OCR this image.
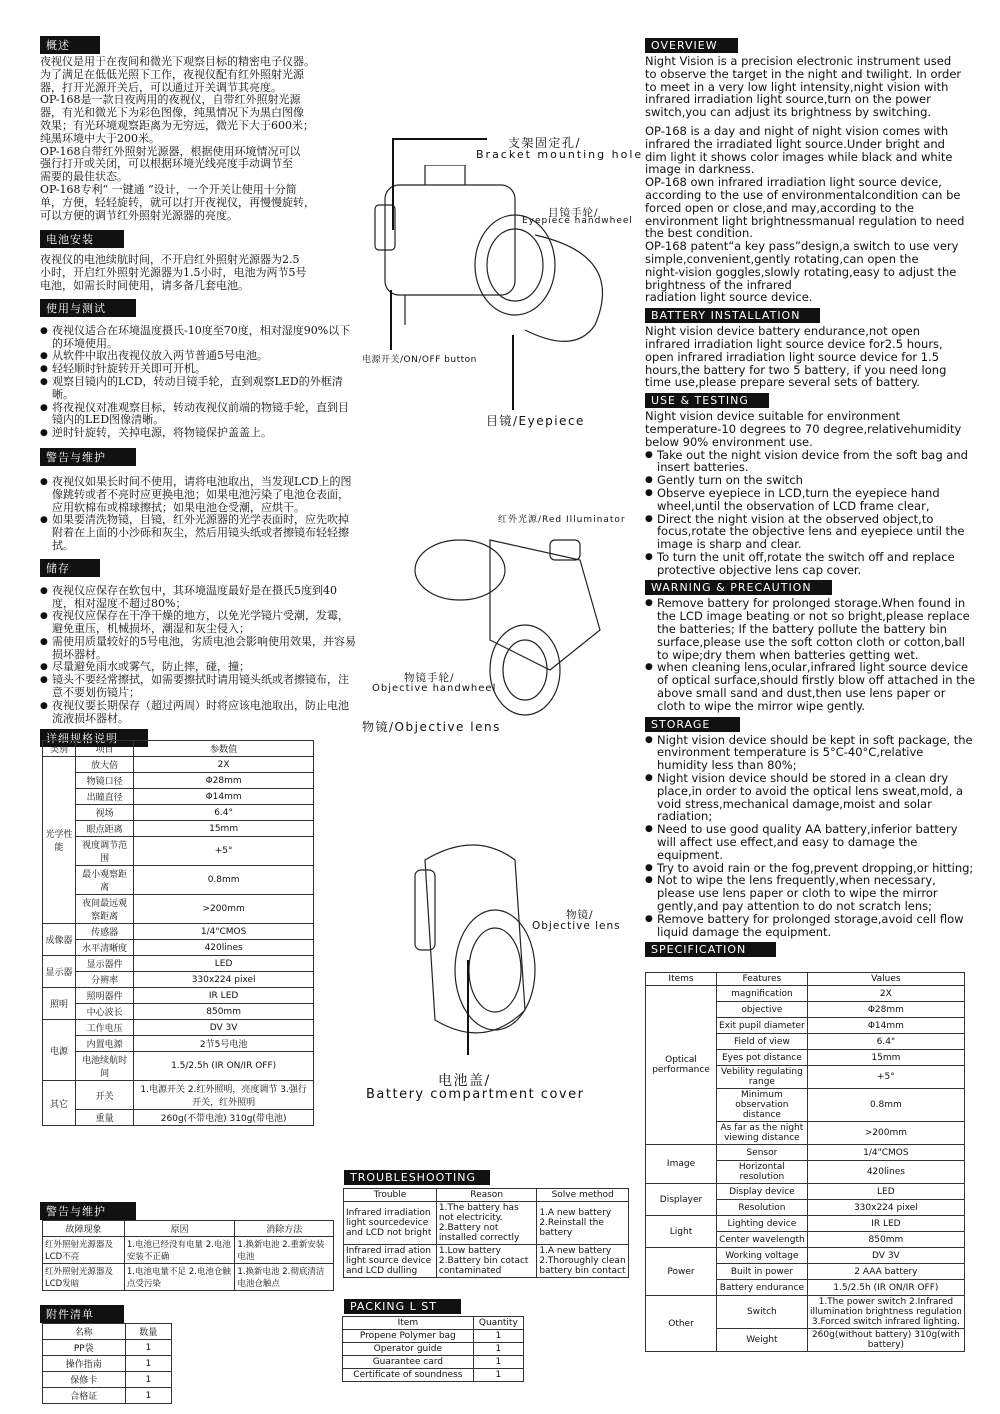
概述
夜视仪是用于在夜间和微光下观察目标的精密电子仪器。
为了满足在低低光照下工作，夜视仪配有红外照射光源
器，打开光源开关后，可以通过开关调节其亮度。
OP-168是一款日夜两用的夜视仪，自带红外照射光源
器，有光和微光下为彩色图像，纯黑情况下为黑白图像
效果；有光环境观察距离为无穷远，微光下大于600米；
纯黑环境中大于200米。
OP-168自带红外照射光源器，根据使用环境情况可以
强行打开或关闭，可以根据环境光线亮度手动调节至
需要的最佳状态。
OP-168专利“ 一键通 ”设计，一个开关让使用十分简
单，方便，轻轻旋转，就可以打开夜视仪，再慢慢旋转，
可以方便的调节红外照射光源器的亮度。
电池安装
夜视仪的电池续航时间，不开启红外照射光源器为2.5
小时，开启红外照射光源器为1.5小时，电池为两节5号
电池，如需长时间使用，请多备几套电池。
使用与测试
● 夜视仪适合在环境温度摄氏-10度至70度，相对湿度90%以下的环境使用。
● 从软件中取出夜视仪放入两节普通5号电池。
● 轻轻顺时针旋转开关即可开机。
● 观察目镜内的LCD，转动目镜手轮，直到观察LED的外框清晰。
● 将夜视仪对准观察目标，转动夜视仪前端的物镜手轮，直到目镜内的LED图像清晰。
● 逆时针旋转，关掉电源，将物镜保护盖盖上。
警告与维护
● 夜视仪如果长时间不使用，请将电池取出，当发现LCD上的图像跳转或者不亮时应更换电池；如果电池污染了电池仓表面，应用软棉布或棉球擦拭；如果电池仓受潮，应烘干。
● 如果要清洗物镜，目镜，红外光源器的光学表面时，应先吹掉附着在上面的小沙砾和灰尘，然后用镜头纸或者擦镜布轻轻擦拭。
储存
● 夜视仪应保存在软包中，其环境温度最好是在摄氏5度到40度，相对湿度不超过80%；
● 夜视仪应保存在干净干燥的地方，以免光学镜片受潮，发霉，避免重压，机械损坏，潮湿和灰尘侵入；
● 需使用质量较好的5号电池，劣质电池会影响使用效果，并容易损坏器材。
● 尽量避免雨水或雾气，防止摔，碰，撞；
● 镜头不要经常擦拭，如需要擦拭时请用镜头纸或者擦镜布，注意不要划伤镜片；
● 夜视仪要长期保存（超过两周）时将应该电池取出，防止电池流液损坏器材。
详细规格说明
类别	项目	参数值
光学性能	放大倍	2X
	物镜口径	Φ28mm
	出瞳直径	Φ14mm
	视场	6.4°
	眼点距离	15mm
	视度调节范围	+5°
	最小观察距离	0.8mm
	夜间最远观察距离	>200mm
成像器	传感器	1/4"CMOS
	水平清晰度	420lines
显示器	显示器件	LED
	分辨率	330x224 pixel
照明	照明器件	IR LED
	中心波长	850mm
电源	工作电压	DV 3V
	内置电源	2节5号电池
	电池续航时间	1.5/2.5h (IR ON/IR OFF)
其它	开关	1.电源开关 2.红外照明，亮度调节 3.强行开关，红外照明
	重量	260g(不带电池) 310g(带电池)
警告与维护
故障现象	原因	消除方法
红外照射光源器及LCD不亮	1.电池已经没有电量 2.电池安装不正确	1.换新电池 2.重新安装电池
红外照射光源器及LCD发暗	1.电池电量不足 2.电池仓触点受污染	1.换新电池 2.彻底清洁电池仓触点
附件清单
名称	数量
PP袋	1
操作指南	1
保修卡	1
合格证	1
支架固定孔/
Bracket mounting hole
目镜手轮/
Eyepiece handwheel
电源开关/ON/OFF button
目镜/Eyepiece
红外光源/Red Illuminator
物镜手轮/
Objective handwheel
物镜/Objective lens
物镜/
Objective lens
电池盖/
Battery compartment cover
TROUBLESHOOTING
Trouble	Reason	Solve method
Infrared irradiation light sourcedevice and LCD not bright	1.The battery has not electricity. 2.Battery not installed correctly	1.A new battery 2.Reinstall the battery
Infrared irrad ation light source device and LCD dulling	1.Low battery 2.Battery bin cotact contaminated	1.A new battery 2.Thoroughly clean battery bin contact
PACKING L ST
Item	Quantity
Propene Polymer bag	1
Operator guide	1
Guarantee card	1
Certificate of soundness	1
OVERVIEW
Night Vision is a precision electronic instrument used
to observe the target in the night and twilight. In order
to meet in a very low light intensity,night vision with
infrared irradiation light source,turn on the power
switch,you can adjust its brightness by switching.
OP-168 is a day and night of night vision comes with
infrared the irradiated light source.Under bright and
dim light it shows color images while black and white
image in darkness.
OP-168 own infrared irradiation light source device,
according to the use of environmentalcondition can be
forced open or close,and may,according to the
environment light brightnessmanual regulation to need
the best condition.
OP-168 patent“a key pass”design,a switch to use very
simple,convenient,gently rotating,can open the
night-vision goggles,slowly rotating,easy to adjust the
brightness of the infrared
radiation light source device.
BATTERY INSTALLATION
Night vision device battery endurance,not open
infrared irradiation light source device for2.5 hours,
open infrared irradiation light source device for 1.5
hours,the battery for two 5 battery, if you need long
time use,please prepare several sets of battery.
USE & TESTING
Night vision device suitable for environment
temperature-10 degrees to 70 degree,relativehumidity
below 90% environment use.
● Take out the night vision device from the soft bag and insert batteries.
● Gently turn on the switch
● Observe eyepiece in LCD,turn the eyepiece hand wheel,until the observation of LCD frame clear,
● Direct the night vision at the observed object,to focus,rotate the objective lens and eyepiece until the image is sharp and clear.
● To turn the unit off,rotate the switch off and replace protective objective lens cap cover.
WARNING & PRECAUTION
● Remove battery for prolonged storage.When found in the LCD image beating or not so bright,please replace the batteries; If the battery pollute the battery bin surface,please use the soft cotton cloth or cotton,ball to wipe;dry them when batteries getting wet.
● when cleaning lens,ocular,infrared light source device of optical surface,should firstly blow off attached in the above small sand and dust,then use lens paper or cloth to wipe the mirror wipe gently.
STORAGE
● Night vision device should be kept in soft package, the environment temperature is 5°C-40°C,relative humidity less than 80%;
● Night vision device should be stored in a clean dry place,in order to avoid the optical lens sweat,mold, a void stress,mechanical damage,moist and solar radiation;
● Need to use good quality AA battery,inferior battery will affect use effect,and easy to damage the equipment.
● Try to avoid rain or the fog,prevent dropping,or hitting;
● Not to wipe the lens frequently,when necessary, please use lens paper or cloth to wipe the mirror gently,and pay attention to do not scratch lens;
● Remove battery for prolonged storage,avoid cell flow liquid damage the equipment.
SPECIFICATION
Items	Features	Values
Optical performance	magnification	2X
	objective	Φ28mm
	Exit pupil diameter	Φ14mm
	Field of view	6.4"
	Eyes pot distance	15mm
	Vebility regulating range	+5°
	Minimum observation distance	0.8mm
	As far as the night viewing distance	>200mm
Image	Sensor	1/4"CMOS
	Horizontal resolution	420lines
Displayer	Display device	LED
	Resolution	330x224 pixel
Light	Lighting device	IR LED
	Center wavelength	850mm
Power	Working voltage	DV 3V
	Built in power	2 AAA battery
	Battery endurance	1.5/2.5h (IR ON/IR OFF)
Other	Switch	1.The power switch 2.Infrared illumination brightness regulation 3.Forced switch infrared lighting.
	Weight	260g(without battery) 310g(with battery)
